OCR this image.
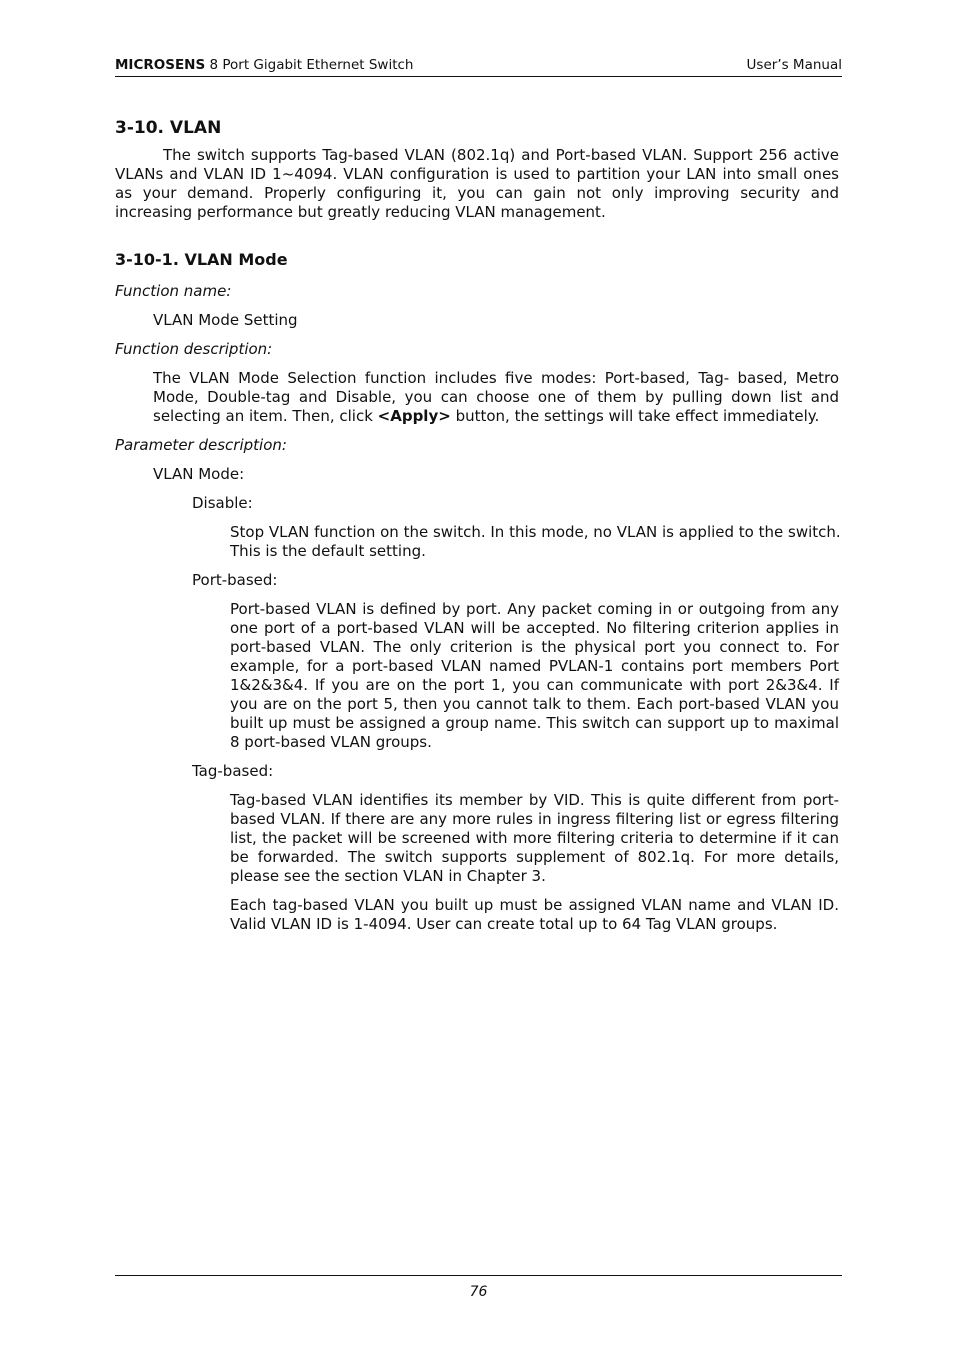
MICROSENS 8 Port Gigabit Ethernet Switch	User’s Manual
3-10. VLAN

The switch supports Tag-based VLAN (802.1q) and Port-based VLAN. Support 256 active VLANs and VLAN ID 1~4094. VLAN configuration is used to partition your LAN into small ones as your demand. Properly configuring it, you can gain not only improving security and increasing performance but greatly reducing VLAN management.

3-10-1. VLAN Mode

Function name:

VLAN Mode Setting

Function description:

The VLAN Mode Selection function includes five modes: Port-based, Tag- based, Metro Mode, Double-tag and Disable, you can choose one of them by pulling down list and selecting an item. Then, click <Apply> button, the settings will take effect immediately.

Parameter description:

VLAN Mode:

Disable:

Stop VLAN function on the switch. In this mode, no VLAN is applied to the switch. This is the default setting.

Port-based:

Port-based VLAN is defined by port. Any packet coming in or outgoing from any one port of a port-based VLAN will be accepted. No filtering criterion applies in port-based VLAN. The only criterion is the physical port you connect to. For example, for a port-based VLAN named PVLAN-1 contains port members Port 1&2&3&4. If you are on the port 1, you can communicate with port 2&3&4. If you are on the port 5, then you cannot talk to them. Each port-based VLAN you built up must be assigned a group name. This switch can support up to maximal 8 port-based VLAN groups.

Tag-based:

Tag-based VLAN identifies its member by VID. This is quite different from port-based VLAN. If there are any more rules in ingress filtering list or egress filtering list, the packet will be screened with more filtering criteria to determine if it can be forwarded. The switch supports supplement of 802.1q. For more details, please see the section VLAN in Chapter 3.

Each tag-based VLAN you built up must be assigned VLAN name and VLAN ID. Valid VLAN ID is 1-4094. User can create total up to 64 Tag VLAN groups.

76
